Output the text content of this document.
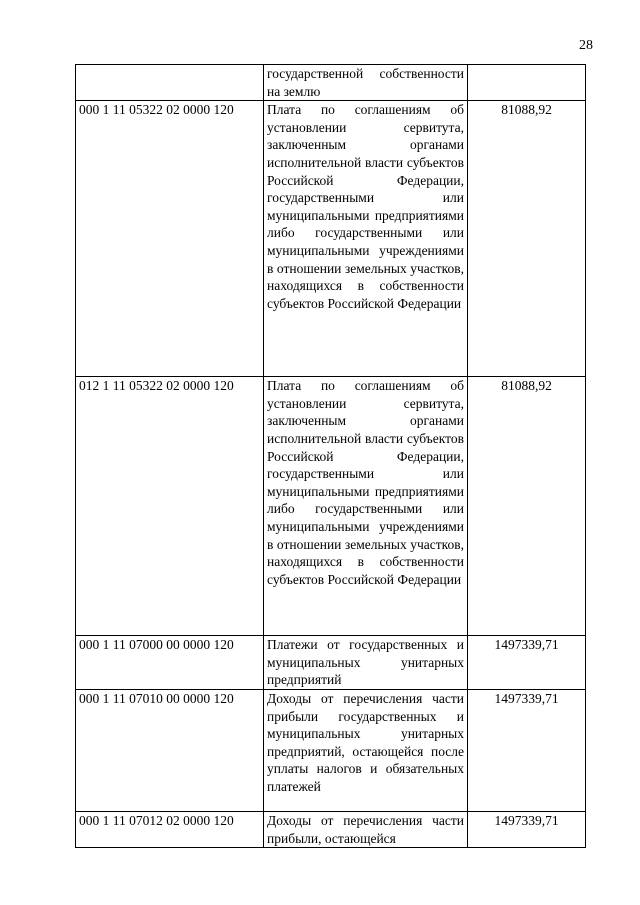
28
	государственной собственности на землю	
000 1 11 05322 02 0000 120	Плата по соглашениям об установлении сервитута, заключенным органами исполнительной власти субъектов Российской Федерации, государственными или муниципальными предприятиями либо государственными или муниципальными учреждениями в отношении земельных участков, находящихся в собственности субъектов Российской Федерации	81088,92
012 1 11 05322 02 0000 120	Плата по соглашениям об установлении сервитута, заключенным органами исполнительной власти субъектов Российской Федерации, государственными или муниципальными предприятиями либо государственными или муниципальными учреждениями в отношении земельных участков, находящихся в собственности субъектов Российской Федерации	81088,92
000 1 11 07000 00 0000 120	Платежи от государственных и муниципальных унитарных предприятий	1497339,71
000 1 11 07010 00 0000 120	Доходы от перечисления части прибыли государственных и муниципальных унитарных предприятий, остающейся после уплаты налогов и обязательных платежей	1497339,71
000 1 11 07012 02 0000 120	Доходы от перечисления части прибыли, остающейся	1497339,71
